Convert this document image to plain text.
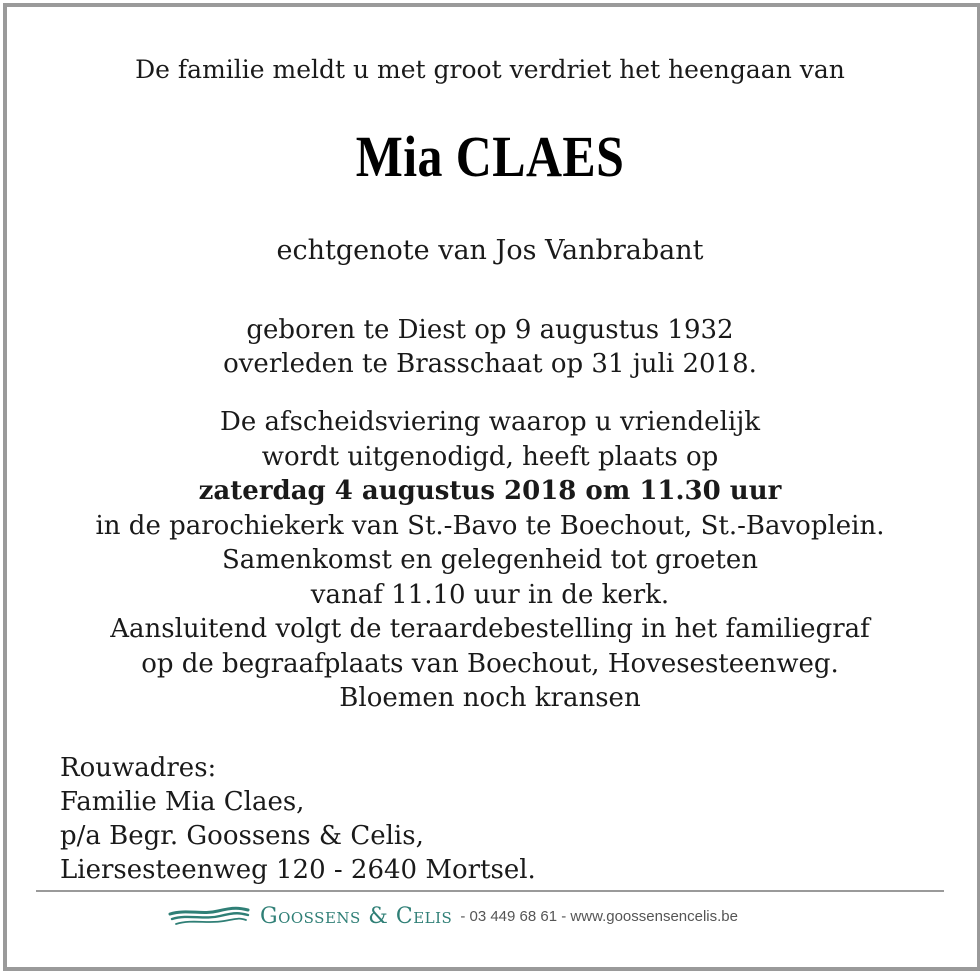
De familie meldt u met groot verdriet het heengaan van
Mia CLAES
echtgenote van Jos Vanbrabant
geboren te Diest op 9 augustus 1932
overleden te Brasschaat op 31 juli 2018.
De afscheidsviering waarop u vriendelijk
wordt uitgenodigd, heeft plaats op
zaterdag 4 augustus 2018 om 11.30 uur
in de parochiekerk van St.-Bavo te Boechout, St.-Bavoplein.
Samenkomst en gelegenheid tot groeten
vanaf 11.10 uur in de kerk.
Aansluitend volgt de teraardebestelling in het familiegraf
op de begraafplaats van Boechout, Hovesesteenweg.
Bloemen noch kransen
Rouwadres:
Familie Mia Claes,
p/a Begr. Goossens & Celis,
Liersesteenweg 120 - 2640 Mortsel.
Goossens & Celis - 03 449 68 61 - www.goossensencelis.be
